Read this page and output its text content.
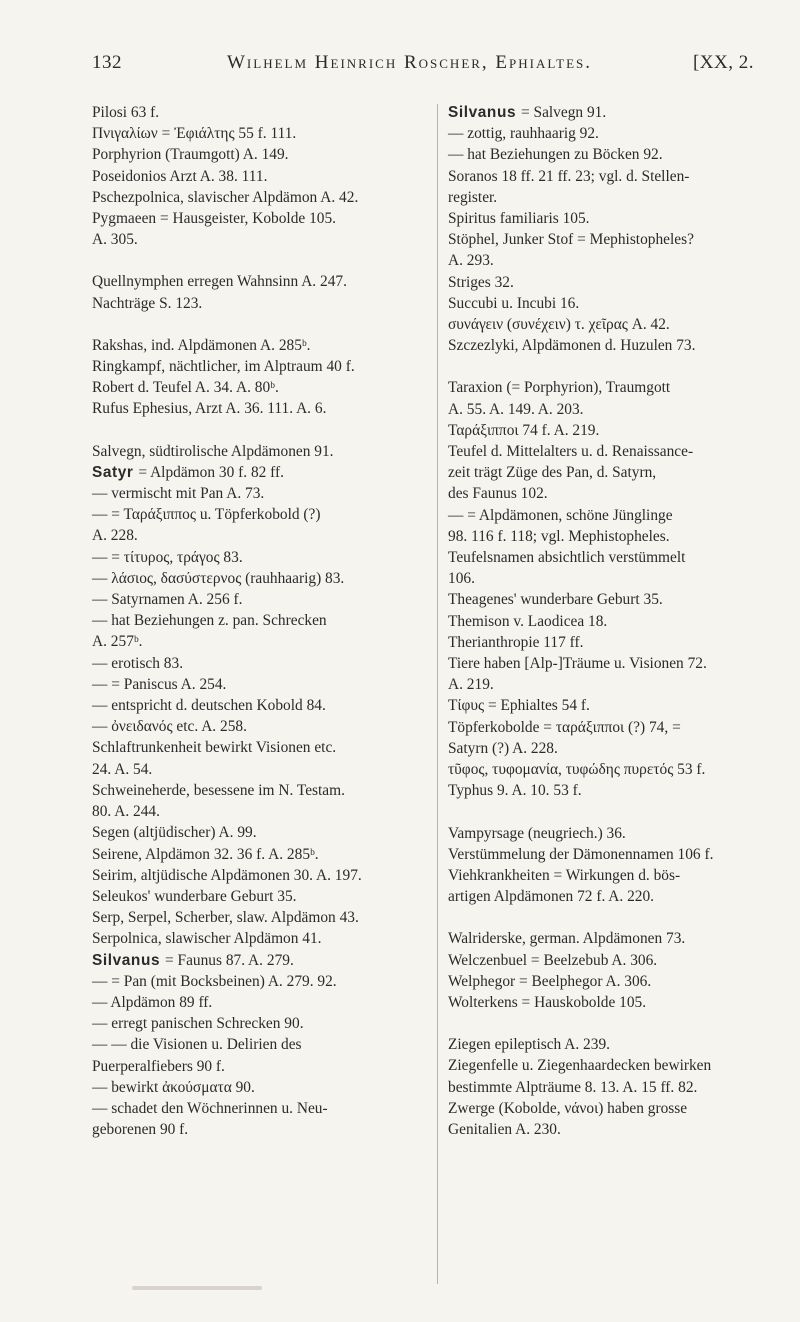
132	Wilhelm Heinrich Roscher, Ephialtes.	[XX, 2.

Pilosi 63 f.

Πνιγαλίων = Ἐφιάλτης 55 f. 111.

Porphyrion (Traumgott) A. 149.

Poseidonios Arzt A. 38. 111.

Pschezpolnica, slavischer Alpdämon A. 42.

Pygmaeen = Hausgeister, Kobolde 105.

A. 305.

Quellnymphen erregen Wahnsinn A. 247.

Nachträge S. 123.

Rakshas, ind. Alpdämonen A. 285ᵇ.

Ringkampf, nächtlicher, im Alptraum 40 f.

Robert d. Teufel A. 34. A. 80ᵇ.

Rufus Ephesius, Arzt A. 36. 111. A. 6.

Salvegn, südtirolische Alpdämonen 91.

Satyr = Alpdämon 30 f. 82 ff.

— vermischt mit Pan A. 73.

— = Ταράξιππος u. Töpferkobold (?)

A. 228.

— = τίτυρος, τράγος 83.

— λάσιος, δασύστερνος (rauhhaarig) 83.

— Satyrnamen A. 256 f.

— hat Beziehungen z. pan. Schrecken

A. 257ᵇ.

— erotisch 83.

— = Paniscus A. 254.

— entspricht d. deutschen Kobold 84.

— ὀνειδανός etc. A. 258.

Schlaftrunkenheit bewirkt Visionen etc.

24. A. 54.

Schweineherde, besessene im N. Testam.

80. A. 244.

Segen (altjüdischer) A. 99.

Seirene, Alpdämon 32. 36 f. A. 285ᵇ.

Seirim, altjüdische Alpdämonen 30. A. 197.

Seleukos' wunderbare Geburt 35.

Serp, Serpel, Scherber, slaw. Alpdämon 43.

Serpolnica, slawischer Alpdämon 41.

Silvanus = Faunus 87. A. 279.

— = Pan (mit Bocksbeinen) A. 279. 92.

— Alpdämon 89 ff.

— erregt panischen Schrecken 90.

— — die Visionen u. Delirien des

Puerperalfiebers 90 f.

— bewirkt ἀκούσματα 90.

— schadet den Wöchnerinnen u. Neu-

geborenen 90 f.

Silvanus = Salvegn 91.

— zottig, rauhhaarig 92.

— hat Beziehungen zu Böcken 92.

Soranos 18 ff. 21 ff. 23; vgl. d. Stellen-

register.

Spiritus familiaris 105.

Stöphel, Junker Stof = Mephistopheles?

A. 293.

Striges 32.

Succubi u. Incubi 16.

συνάγειν (συνέχειν) τ. χεῖρας A. 42.

Szczezlyki, Alpdämonen d. Huzulen 73.

Taraxion (= Porphyrion), Traumgott

A. 55. A. 149. A. 203.

Ταράξιπποι 74 f. A. 219.

Teufel d. Mittelalters u. d. Renaissance-

zeit trägt Züge des Pan, d. Satyrn,

des Faunus 102.

— = Alpdämonen, schöne Jünglinge

98. 116 f. 118; vgl. Mephistopheles.

Teufelsnamen absichtlich verstümmelt

106.

Theagenes' wunderbare Geburt 35.

Themison v. Laodicea 18.

Therianthropie 117 ff.

Tiere haben [Alp-]Träume u. Visionen 72.

A. 219.

Τίφυς = Ephialtes 54 f.

Töpferkobolde = ταράξιπποι (?) 74, =

Satyrn (?) A. 228.

τῦφος, τυφομανία, τυφώδης πυρετός 53 f.

Typhus 9. A. 10. 53 f.

Vampyrsage (neugriech.) 36.

Verstümmelung der Dämonennamen 106 f.

Viehkrankheiten = Wirkungen d. bös-

artigen Alpdämonen 72 f. A. 220.

Walriderske, german. Alpdämonen 73.

Welczenbuel = Beelzebub A. 306.

Welphegor = Beelphegor A. 306.

Wolterkens = Hauskobolde 105.

Ziegen epileptisch A. 239.

Ziegenfelle u. Ziegenhaardecken bewirken

bestimmte Alpträume 8. 13. A. 15 ff. 82.

Zwerge (Kobolde, νάνοι) haben grosse

Genitalien A. 230.
